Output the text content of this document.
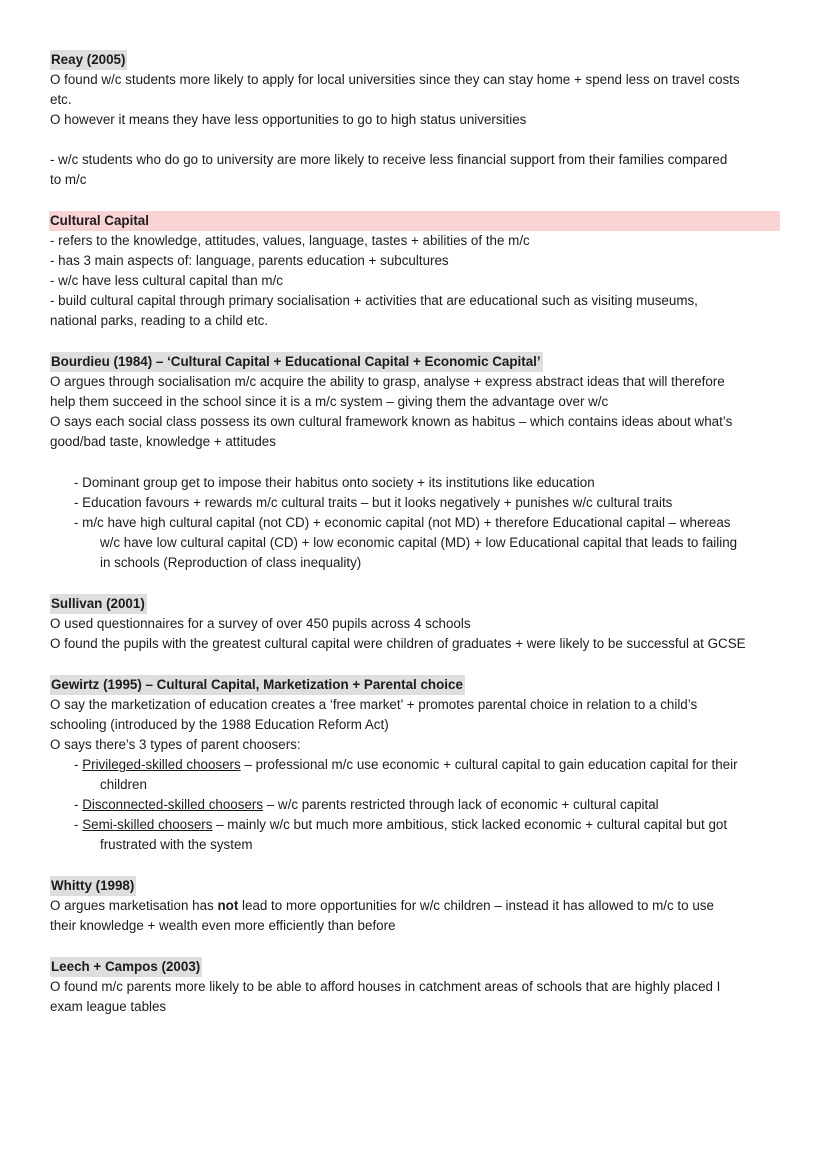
Reay (2005)
O found w/c students more likely to apply for local universities since they can stay home + spend less on travel costs
etc.
O however it means they have less opportunities to go to high status universities
- w/c students who do go to university are more likely to receive less financial support from their families compared
to m/c
Cultural Capital
- refers to the knowledge, attitudes, values, language, tastes + abilities of the m/c
- has 3 main aspects of: language, parents education + subcultures
- w/c have less cultural capital than m/c
- build cultural capital through primary socialisation + activities that are educational such as visiting museums,
national parks, reading to a child etc.
Bourdieu (1984) – ‘Cultural Capital + Educational Capital + Economic Capital’
O argues through socialisation m/c acquire the ability to grasp, analyse + express abstract ideas that will therefore
help them succeed in the school since it is a m/c system – giving them the advantage over w/c
O says each social class possess its own cultural framework known as habitus – which contains ideas about what’s
good/bad taste, knowledge + attitudes
- Dominant group get to impose their habitus onto society + its institutions like education
- Education favours + rewards m/c cultural traits – but it looks negatively + punishes w/c cultural traits
- m/c have high cultural capital (not CD) + economic capital (not MD) + therefore Educational capital – whereas
w/c have low cultural capital (CD) + low economic capital (MD) + low Educational capital that leads to failing
in schools (Reproduction of class inequality)
Sullivan (2001)
O used questionnaires for a survey of over 450 pupils across 4 schools
O found the pupils with the greatest cultural capital were children of graduates + were likely to be successful at GCSE
Gewirtz (1995) – Cultural Capital, Marketization + Parental choice
O say the marketization of education creates a ‘free market’ + promotes parental choice in relation to a child’s
schooling (introduced by the 1988 Education Reform Act)
O says there’s 3 types of parent choosers:
- Privileged-skilled choosers – professional m/c use economic + cultural capital to gain education capital for their
children
- Disconnected-skilled choosers – w/c parents restricted through lack of economic + cultural capital
- Semi-skilled choosers – mainly w/c but much more ambitious, stick lacked economic + cultural capital but got
frustrated with the system
Whitty (1998)
O argues marketisation has not lead to more opportunities for w/c children – instead it has allowed to m/c to use
their knowledge + wealth even more efficiently than before
Leech + Campos (2003)
O found m/c parents more likely to be able to afford houses in catchment areas of schools that are highly placed I
exam league tables
